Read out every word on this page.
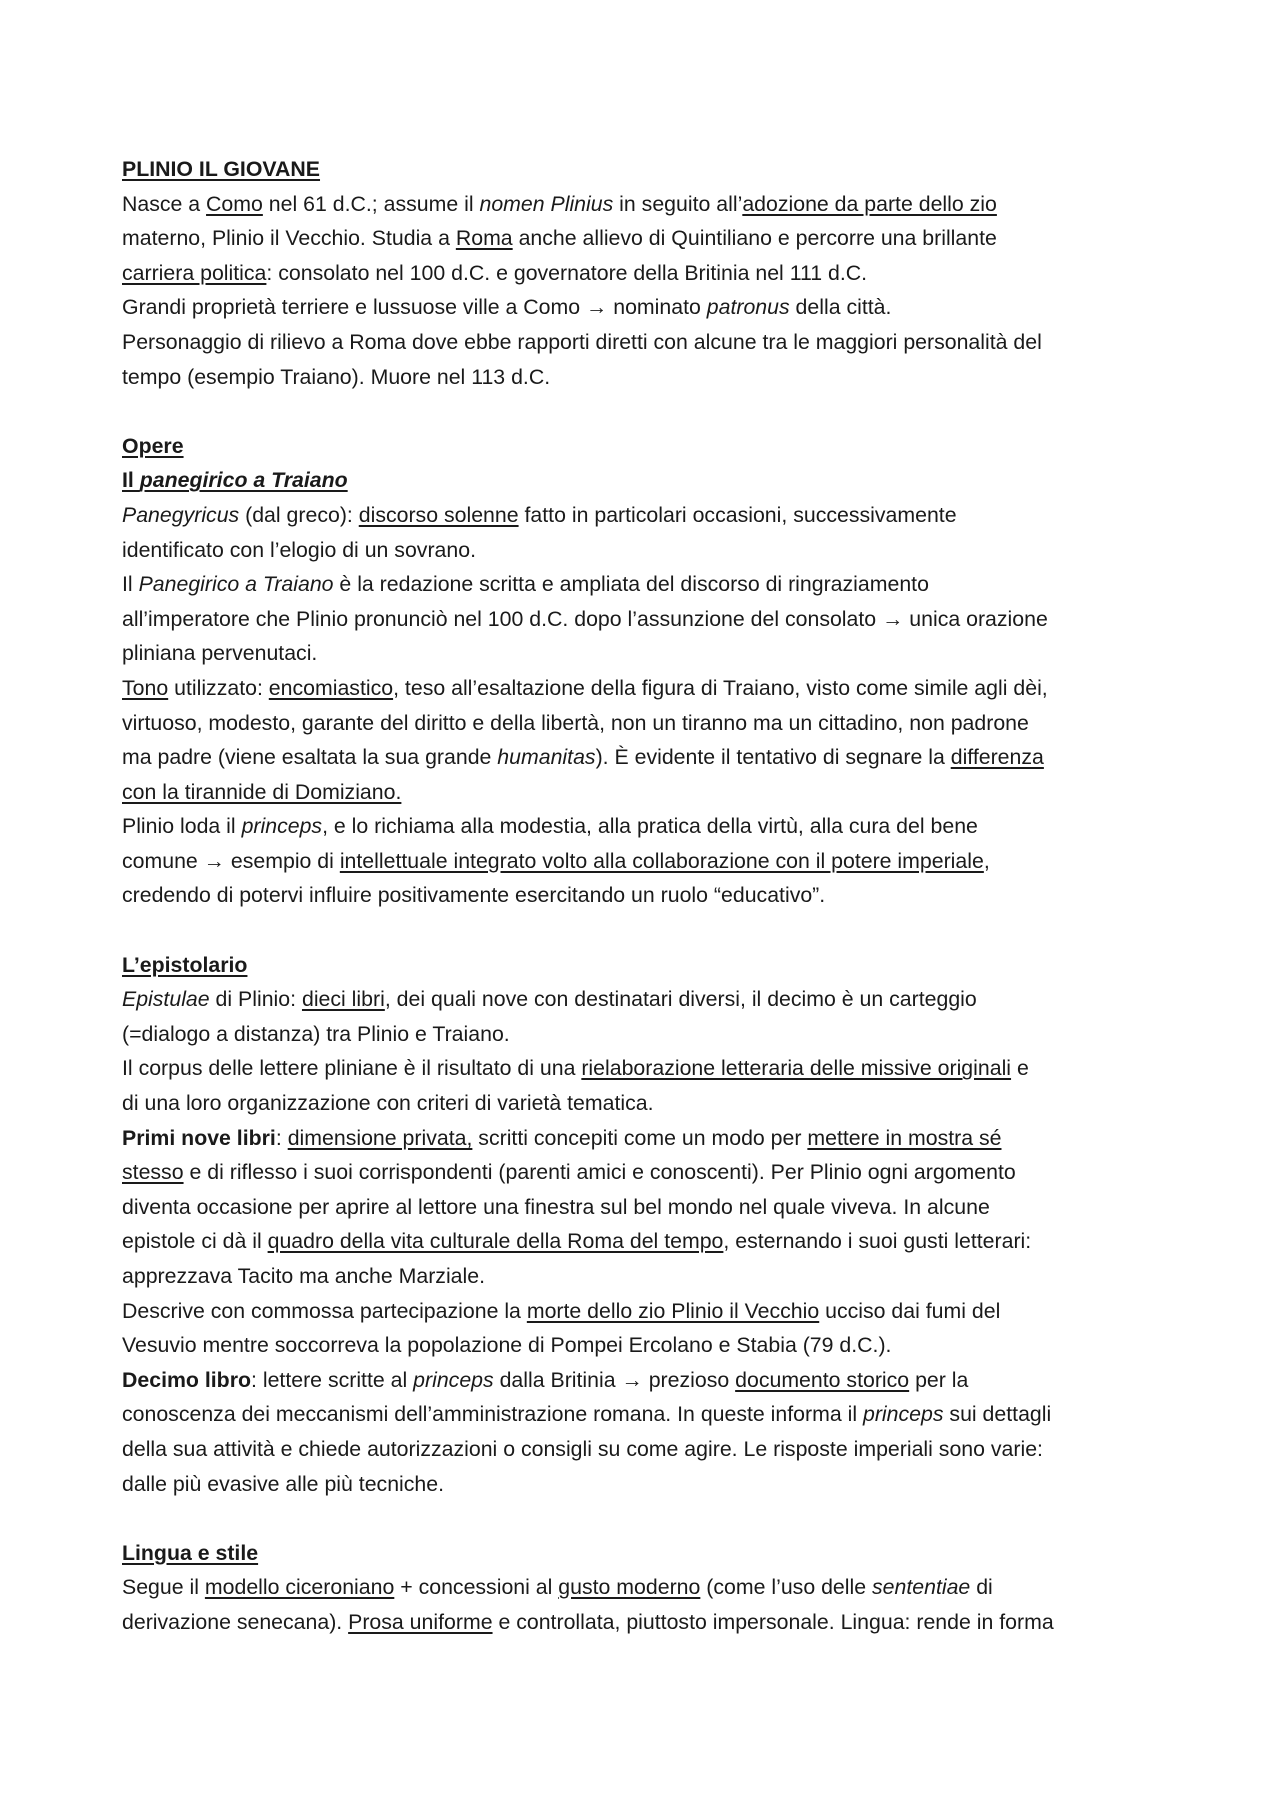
PLINIO IL GIOVANE
Nasce a Como nel 61 d.C.; assume il nomen Plinius in seguito all’adozione da parte dello zio
materno, Plinio il Vecchio. Studia a Roma anche allievo di Quintiliano e percorre una brillante
carriera politica: consolato nel 100 d.C. e governatore della Britinia nel 111 d.C.
Grandi proprietà terriere e lussuose ville a Como → nominato patronus della città.
Personaggio di rilievo a Roma dove ebbe rapporti diretti con alcune tra le maggiori personalità del
tempo (esempio Traiano). Muore nel 113 d.C.
Opere
Il panegirico a Traiano
Panegyricus (dal greco): discorso solenne fatto in particolari occasioni, successivamente
identificato con l’elogio di un sovrano.
Il Panegirico a Traiano è la redazione scritta e ampliata del discorso di ringraziamento
all’imperatore che Plinio pronunciò nel 100 d.C. dopo l’assunzione del consolato → unica orazione
pliniana pervenutaci.
Tono utilizzato: encomiastico, teso all’esaltazione della figura di Traiano, visto come simile agli dèi,
virtuoso, modesto, garante del diritto e della libertà, non un tiranno ma un cittadino, non padrone
ma padre (viene esaltata la sua grande humanitas). È evidente il tentativo di segnare la differenza
con la tirannide di Domiziano.
Plinio loda il princeps, e lo richiama alla modestia, alla pratica della virtù, alla cura del bene
comune → esempio di intellettuale integrato volto alla collaborazione con il potere imperiale,
credendo di potervi influire positivamente esercitando un ruolo “educativo”.
L’epistolario
Epistulae di Plinio: dieci libri, dei quali nove con destinatari diversi, il decimo è un carteggio
(=dialogo a distanza) tra Plinio e Traiano.
Il corpus delle lettere pliniane è il risultato di una rielaborazione letteraria delle missive originali e
di una loro organizzazione con criteri di varietà tematica.
Primi nove libri: dimensione privata, scritti concepiti come un modo per mettere in mostra sé
stesso e di riflesso i suoi corrispondenti (parenti amici e conoscenti). Per Plinio ogni argomento
diventa occasione per aprire al lettore una finestra sul bel mondo nel quale viveva. In alcune
epistole ci dà il quadro della vita culturale della Roma del tempo, esternando i suoi gusti letterari:
apprezzava Tacito ma anche Marziale.
Descrive con commossa partecipazione la morte dello zio Plinio il Vecchio ucciso dai fumi del
Vesuvio mentre soccorreva la popolazione di Pompei Ercolano e Stabia (79 d.C.).
Decimo libro: lettere scritte al princeps dalla Britinia → prezioso documento storico per la
conoscenza dei meccanismi dell’amministrazione romana. In queste informa il princeps sui dettagli
della sua attività e chiede autorizzazioni o consigli su come agire. Le risposte imperiali sono varie:
dalle più evasive alle più tecniche.
Lingua e stile
Segue il modello ciceroniano + concessioni al gusto moderno (come l’uso delle sententiae di
derivazione senecana). Prosa uniforme e controllata, piuttosto impersonale. Lingua: rende in forma
